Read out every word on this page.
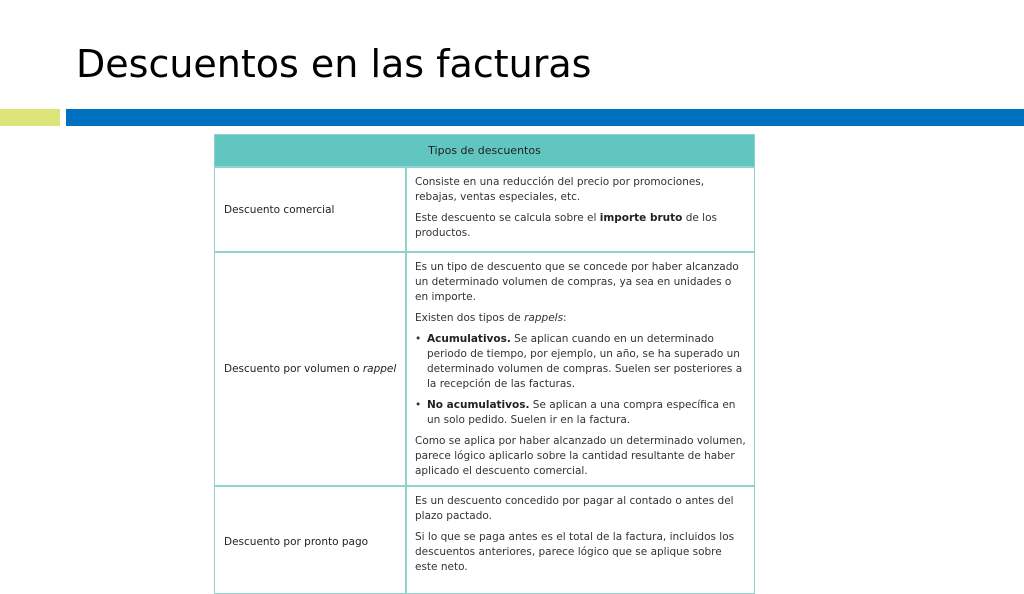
Descuentos en las facturas
Tipos de descuentos
Descuento comercial

Consiste en una reducción del precio por promociones, rebajas, ventas especiales, etc.

Este descuento se calcula sobre el importe bruto de los productos.

Descuento por volumen o
rappel

Es un tipo de descuento que se concede por haber alcanzado un determinado volumen de compras, ya sea en unidades o en importe.

Existen dos tipos de rappels:

• Acumulativos. Se aplican cuando en un determinado periodo de tiempo, por ejemplo, un año, se ha superado un determinado volumen de compras. Suelen ser posteriores a la recepción de las facturas.
• No acumulativos. Se aplican a una compra específica en un solo pedido. Suelen ir en la factura.

Como se aplica por haber alcanzado un determinado volumen, parece lógico aplicarlo sobre la cantidad resultante de haber aplicado el descuento comercial.

Descuento por pronto pago

Es un descuento concedido por pagar al contado o antes del plazo pactado.

Si lo que se paga antes es el total de la factura, incluidos los descuentos anteriores, parece lógico que se aplique sobre este neto.
